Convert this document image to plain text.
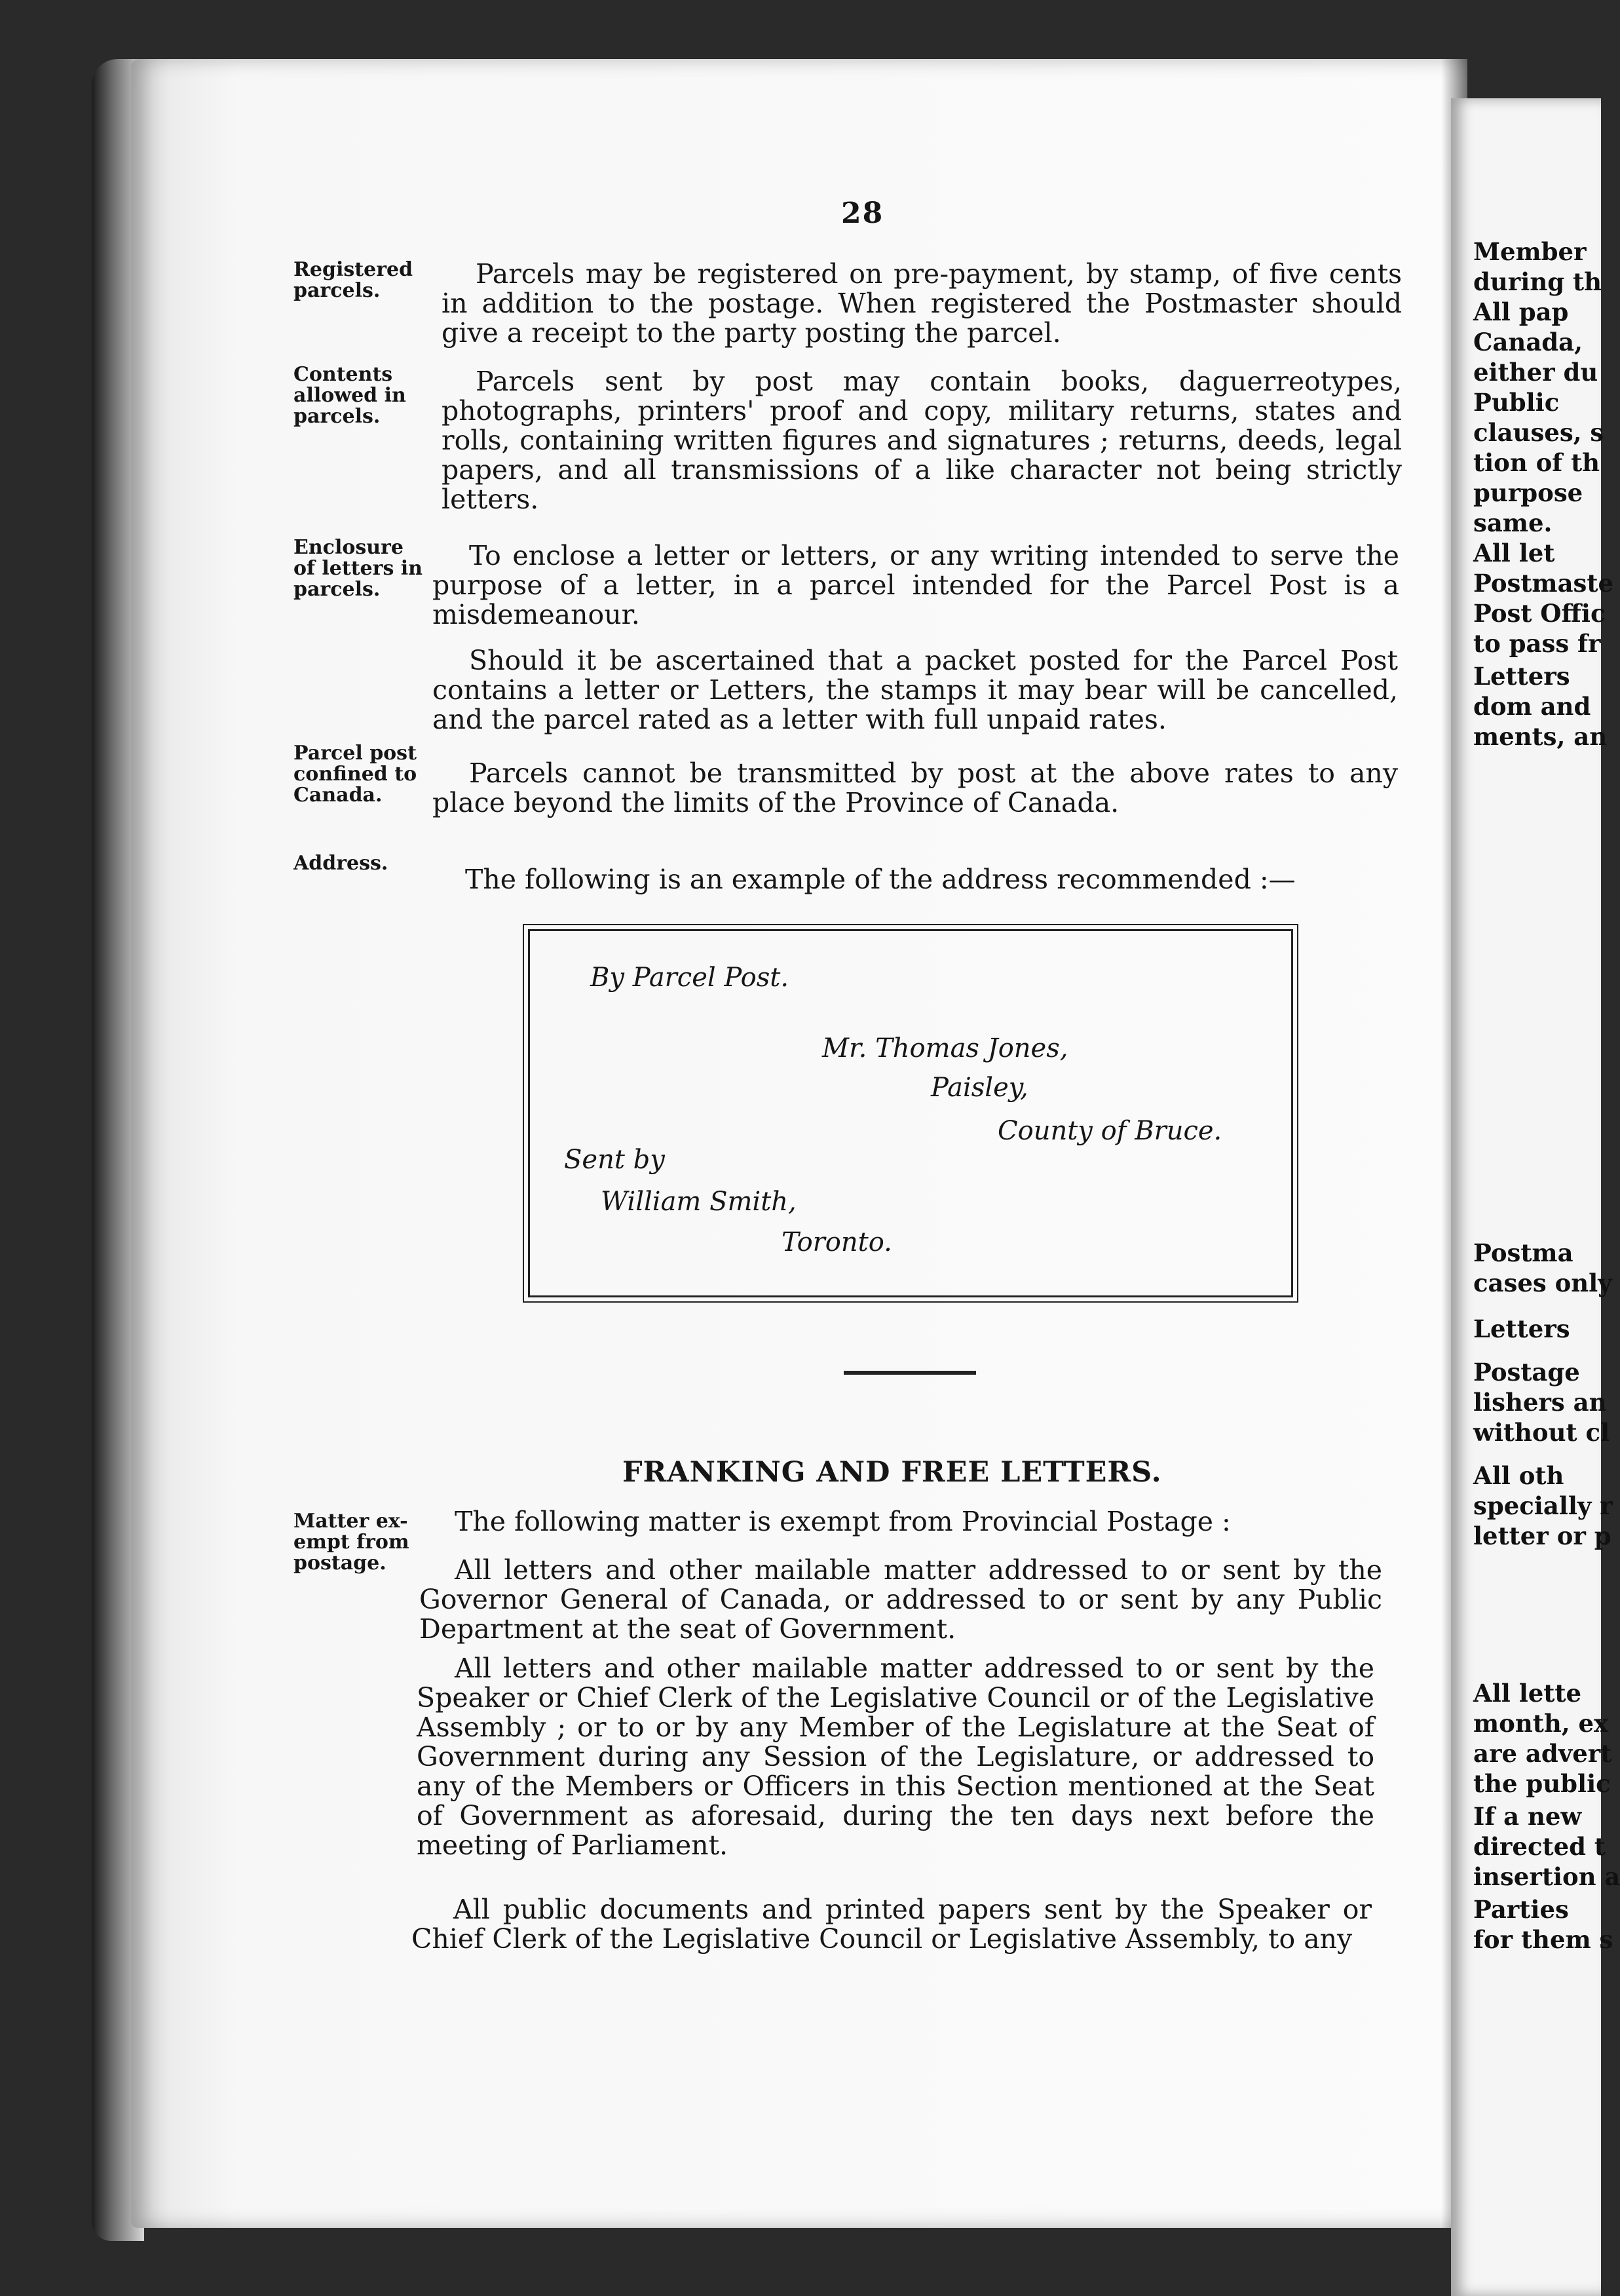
Member
during th
All pap
Canada,
either du
Public
clauses, s
tion of th
purpose
same.
All let
Postmaste
Post Offic
to pass fr
Letters
dom and
ments, an
Postma
cases only
Letters
Postage
lishers an
without cl
All oth
specially r
letter or p
All lette
month, ex
are advert
the public
If a new
directed t
insertion a
Parties
for them s
28
Registered parcels.
Parcels may be registered on pre-payment, by stamp, of five cents in addition to the postage. When registered the Postmaster should give a receipt to the party posting the parcel.
Contents allowed in parcels.
Parcels sent by post may contain books, daguerreotypes, photographs, printers' proof and copy, military returns, states and rolls, containing written figures and signatures ; returns, deeds, legal papers, and all transmissions of a like character not being strictly letters.
Enclosure of letters in parcels.
To enclose a letter or letters, or any writing intended to serve the purpose of a letter, in a parcel intended for the Parcel Post is a misdemeanour.
Should it be ascertained that a packet posted for the Parcel Post contains a letter or Letters, the stamps it may bear will be cancelled, and the parcel rated as a letter with full unpaid rates.
Parcel post confined to Canada.
Parcels cannot be transmitted by post at the above rates to any place beyond the limits of the Province of Canada.
Address.
The following is an example of the address recommended :—
By Parcel Post.
Mr. Thomas Jones,
Paisley,
County of Bruce.
Sent by
William Smith,
Toronto.
FRANKING AND FREE LETTERS.
Matter ex- empt from postage.
The following matter is exempt from Provincial Postage :
All letters and other mailable matter addressed to or sent by the Governor General of Canada, or addressed to or sent by any Public Department at the seat of Government.
All letters and other mailable matter addressed to or sent by the Speaker or Chief Clerk of the Legislative Council or of the Legislative Assembly ; or to or by any Member of the Legislature at the Seat of Government during any Session of the Legislature, or addressed to any of the Members or Officers in this Section mentioned at the Seat of Government as aforesaid, during the ten days next before the meeting of Parliament.
All public documents and printed papers sent by the Speaker or Chief Clerk of the Legislative Council or Legislative Assembly, to any
